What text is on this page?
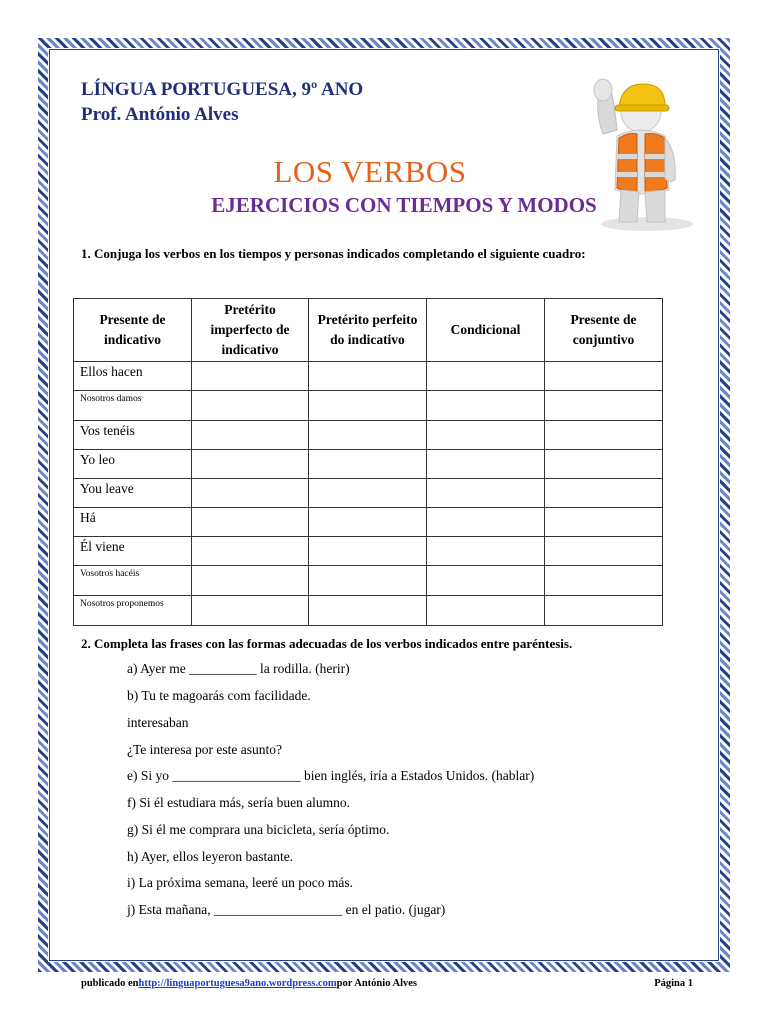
LÍNGUA PORTUGUESA, 9º ANO
Prof. António Alves
LOS VERBOS
EJERCICIOS CON TIEMPOS Y MODOS
1. Conjuga los verbos en los tiempos y personas indicados completando el siguiente cuadro:
Presente de indicativo	Pretérito imperfecto de indicativo	Pretérito perfeito do indicativo	Condicional	Presente de conjuntivo
Ellos hacen				
Nosotros damos				
Vos tenéis				
Yo leo				
You leave				
Há				
Él viene				
Vosotros hacéis				
Nosotros proponemos				
2. Completa las frases con las formas adecuadas de los verbos indicados entre paréntesis.
a) Ayer me __________ la rodilla. (herir)
b) Tu te magoarás com facilidade.
interesaban
¿Te interesa por este asunto?
e) Si yo ___________________ bien inglés, iría a Estados Unidos. (hablar)
f) Si él estudiara más, sería buen alumno.
g) Si él me comprara una bicicleta, sería óptimo.
h) Ayer, ellos leyeron bastante.
i) La próxima semana, leeré un poco más.
j) Esta mañana, ___________________ en el patio. (jugar)
publicado enhttp://linguaportuguesa9ano.wordpress.compor António Alves	Página 1
